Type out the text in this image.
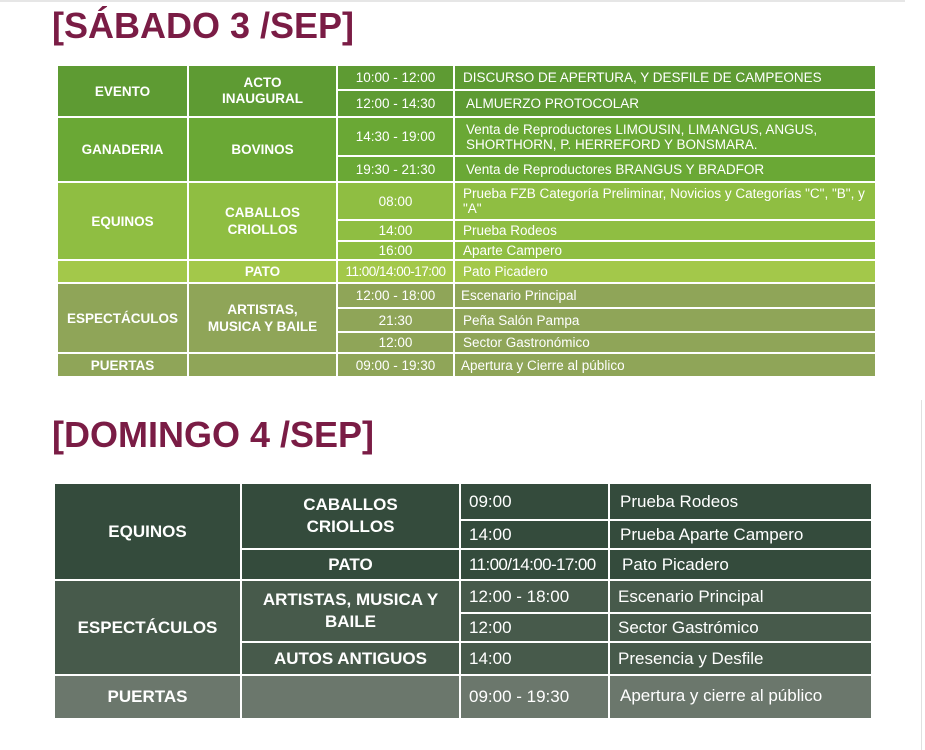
[SÁBADO 3 /SEP]
EVENTO
GANADERIA
EQUINOS
ESPECTÁCULOS
PUERTAS
ACTO INAUGURAL
BOVINOS
CABALLOS CRIOLLOS
PATO
ARTISTAS, MUSICA Y BAILE
10:00 - 12:00
12:00 - 14:30
14:30 - 19:00
19:30 - 21:30
08:00
14:00
16:00
11:00/14:00-17:00
12:00 - 18:00
21:30
12:00
09:00 - 19:30
DISCURSO DE APERTURA, Y DESFILE DE CAMPEONES
ALMUERZO PROTOCOLAR
Venta de Reproductores LIMOUSIN, LIMANGUS, ANGUS, SHORTHORN, P. HERREFORD Y BONSMARA.
Venta de Reproductores BRANGUS Y BRADFOR
Prueba FZB Categoría Preliminar, Novicios y Categorías "C", "B", y "A"
Prueba Rodeos
Aparte Campero
Pato Picadero
Escenario Principal
Peña Salón Pampa
Sector Gastronómico
Apertura y Cierre al público
[DOMINGO 4 /SEP]
EQUINOS
ESPECTÁCULOS
PUERTAS
CABALLOS CRIOLLOS
PATO
ARTISTAS, MUSICA Y BAILE
AUTOS ANTIGUOS
09:00
14:00
11:00/14:00-17:00
12:00 - 18:00
12:00
14:00
09:00 - 19:30
Prueba Rodeos
Prueba Aparte Campero
Pato Picadero
Escenario Principal
Sector Gastrómico
Presencia y Desfile
Apertura y cierre al público
